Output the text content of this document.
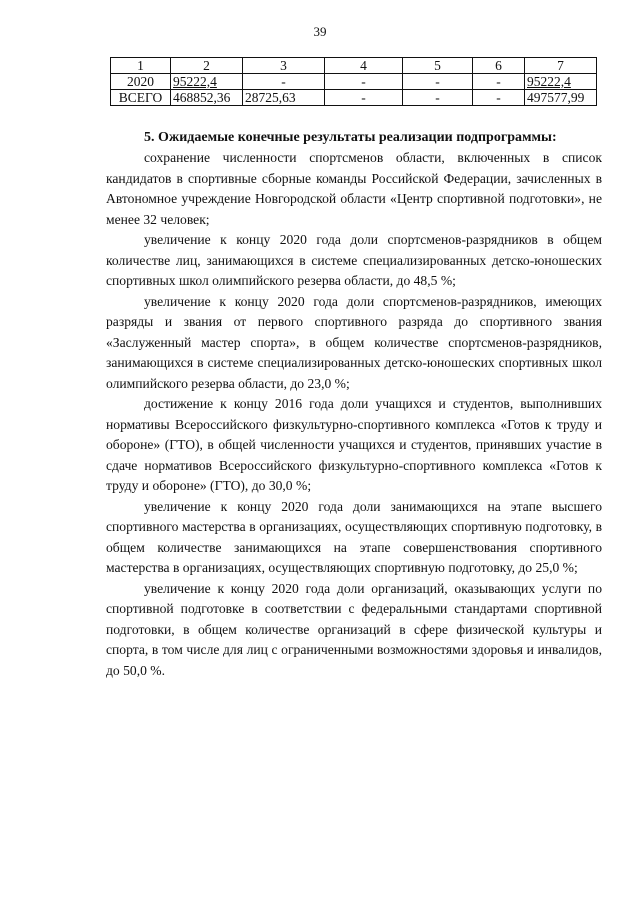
39
1	2	3	4	5	6	7
2020	95222,4	-	-	-	-	95222,4
ВСЕГО	468852,36	28725,63	-	-	-	497577,99
5. Ожидаемые конечные результаты реализации подпрограммы:

сохранение численности спортсменов области, включенных в список кандидатов в спортивные сборные команды Российской Федерации, зачисленных в Автономное учреждение Новгородской области «Центр спортивной подготовки», не менее 32 человек;

увеличение к концу 2020 года доли спортсменов-разрядников в общем количестве лиц, занимающихся в системе специализированных детско-юношеских спортивных школ олимпийского резерва области, до 48,5 %;

увеличение к концу 2020 года доли спортсменов-разрядников, имеющих разряды и звания от первого спортивного разряда до спортивного звания «Заслуженный мастер спорта», в общем количестве спортсменов-разрядников, занимающихся в системе специализированных детско-юношеских спортивных школ олимпийского резерва области, до 23,0 %;

достижение к концу 2016 года доли учащихся и студентов, выполнивших нормативы Всероссийского физкультурно-спортивного комплекса «Готов к труду и обороне» (ГТО), в общей численности учащихся и студентов, принявших участие в сдаче нормативов Всероссийского физкультурно-спортивного комплекса «Готов к труду и обороне» (ГТО), до 30,0 %;

увеличение к концу 2020 года доли занимающихся на этапе высшего спортивного мастерства в организациях, осуществляющих спортивную подготовку, в общем количестве занимающихся на этапе совершенствования спортивного мастерства в организациях, осуществляющих спортивную подготовку, до 25,0 %;

увеличение к концу 2020 года доли организаций, оказывающих услуги по спортивной подготовке в соответствии с федеральными стандартами спортивной подготовки, в общем количестве организаций в сфере физической культуры и спорта, в том числе для лиц с ограниченными возможностями здоровья и инвалидов, до 50,0 %.
